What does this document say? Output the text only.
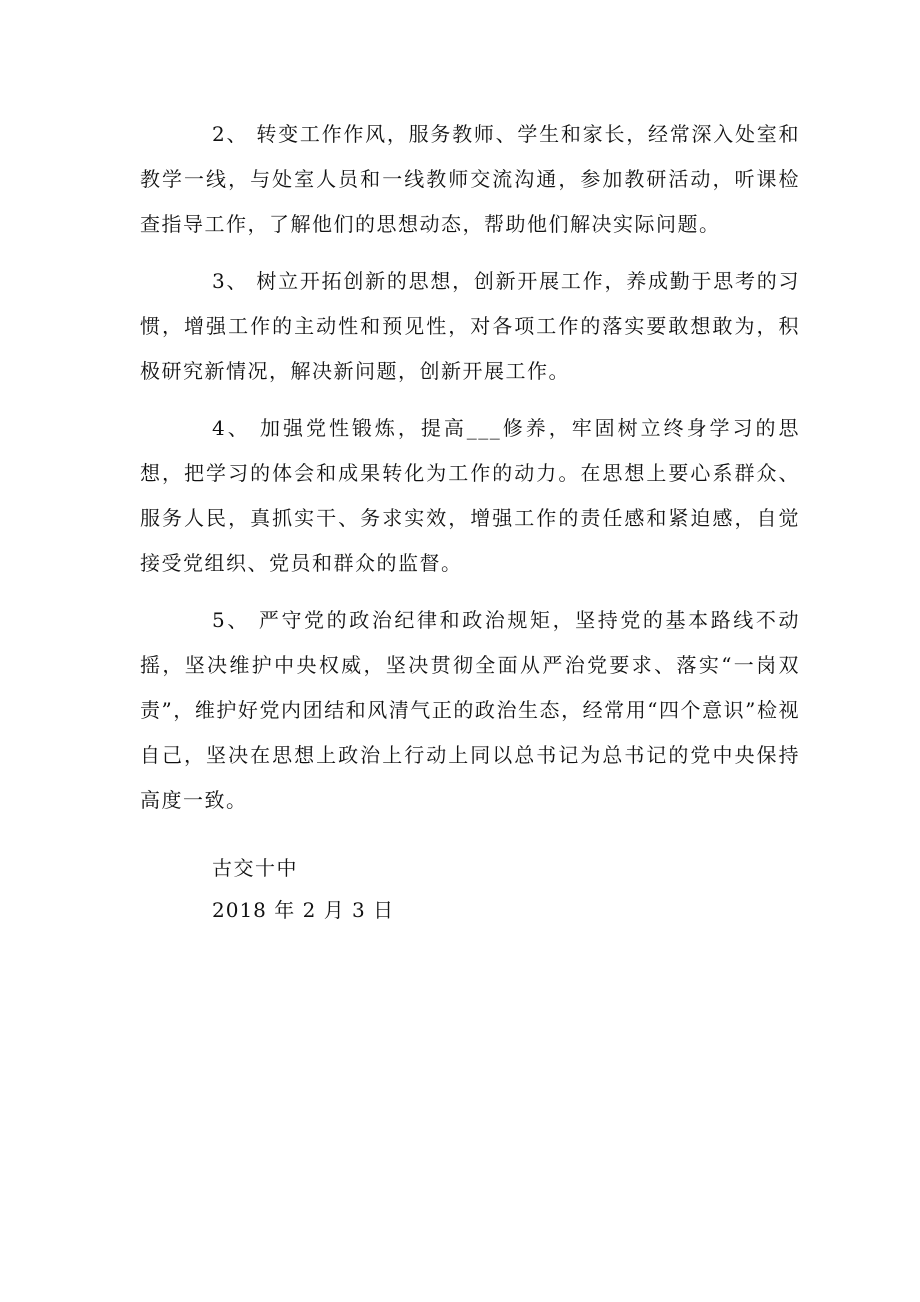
2、 转变工作作风，服务教师、学生和家长，经常深入处室和教学一线，与处室人员和一线教师交流沟通，参加教研活动，听课检查指导工作，了解他们的思想动态，帮助他们解决实际问题。

3、 树立开拓创新的思想，创新开展工作，养成勤于思考的习惯，增强工作的主动性和预见性，对各项工作的落实要敢想敢为，积极研究新情况，解决新问题，创新开展工作。

4、 加强党性锻炼，提高___修养，牢固树立终身学习的思想，把学习的体会和成果转化为工作的动力。在思想上要心系群众、服务人民，真抓实干、务求实效，增强工作的责任感和紧迫感，自觉接受党组织、党员和群众的监督。

5、 严守党的政治纪律和政治规矩，坚持党的基本路线不动摇，坚决维护中央权威，坚决贯彻全面从严治党要求、落实“一岗双责”，维护好党内团结和风清气正的政治生态，经常用“四个意识”检视自己，坚决在思想上政治上行动上同以总书记为总书记的党中央保持高度一致。

古交十中

2018 年 2 月 3 日
